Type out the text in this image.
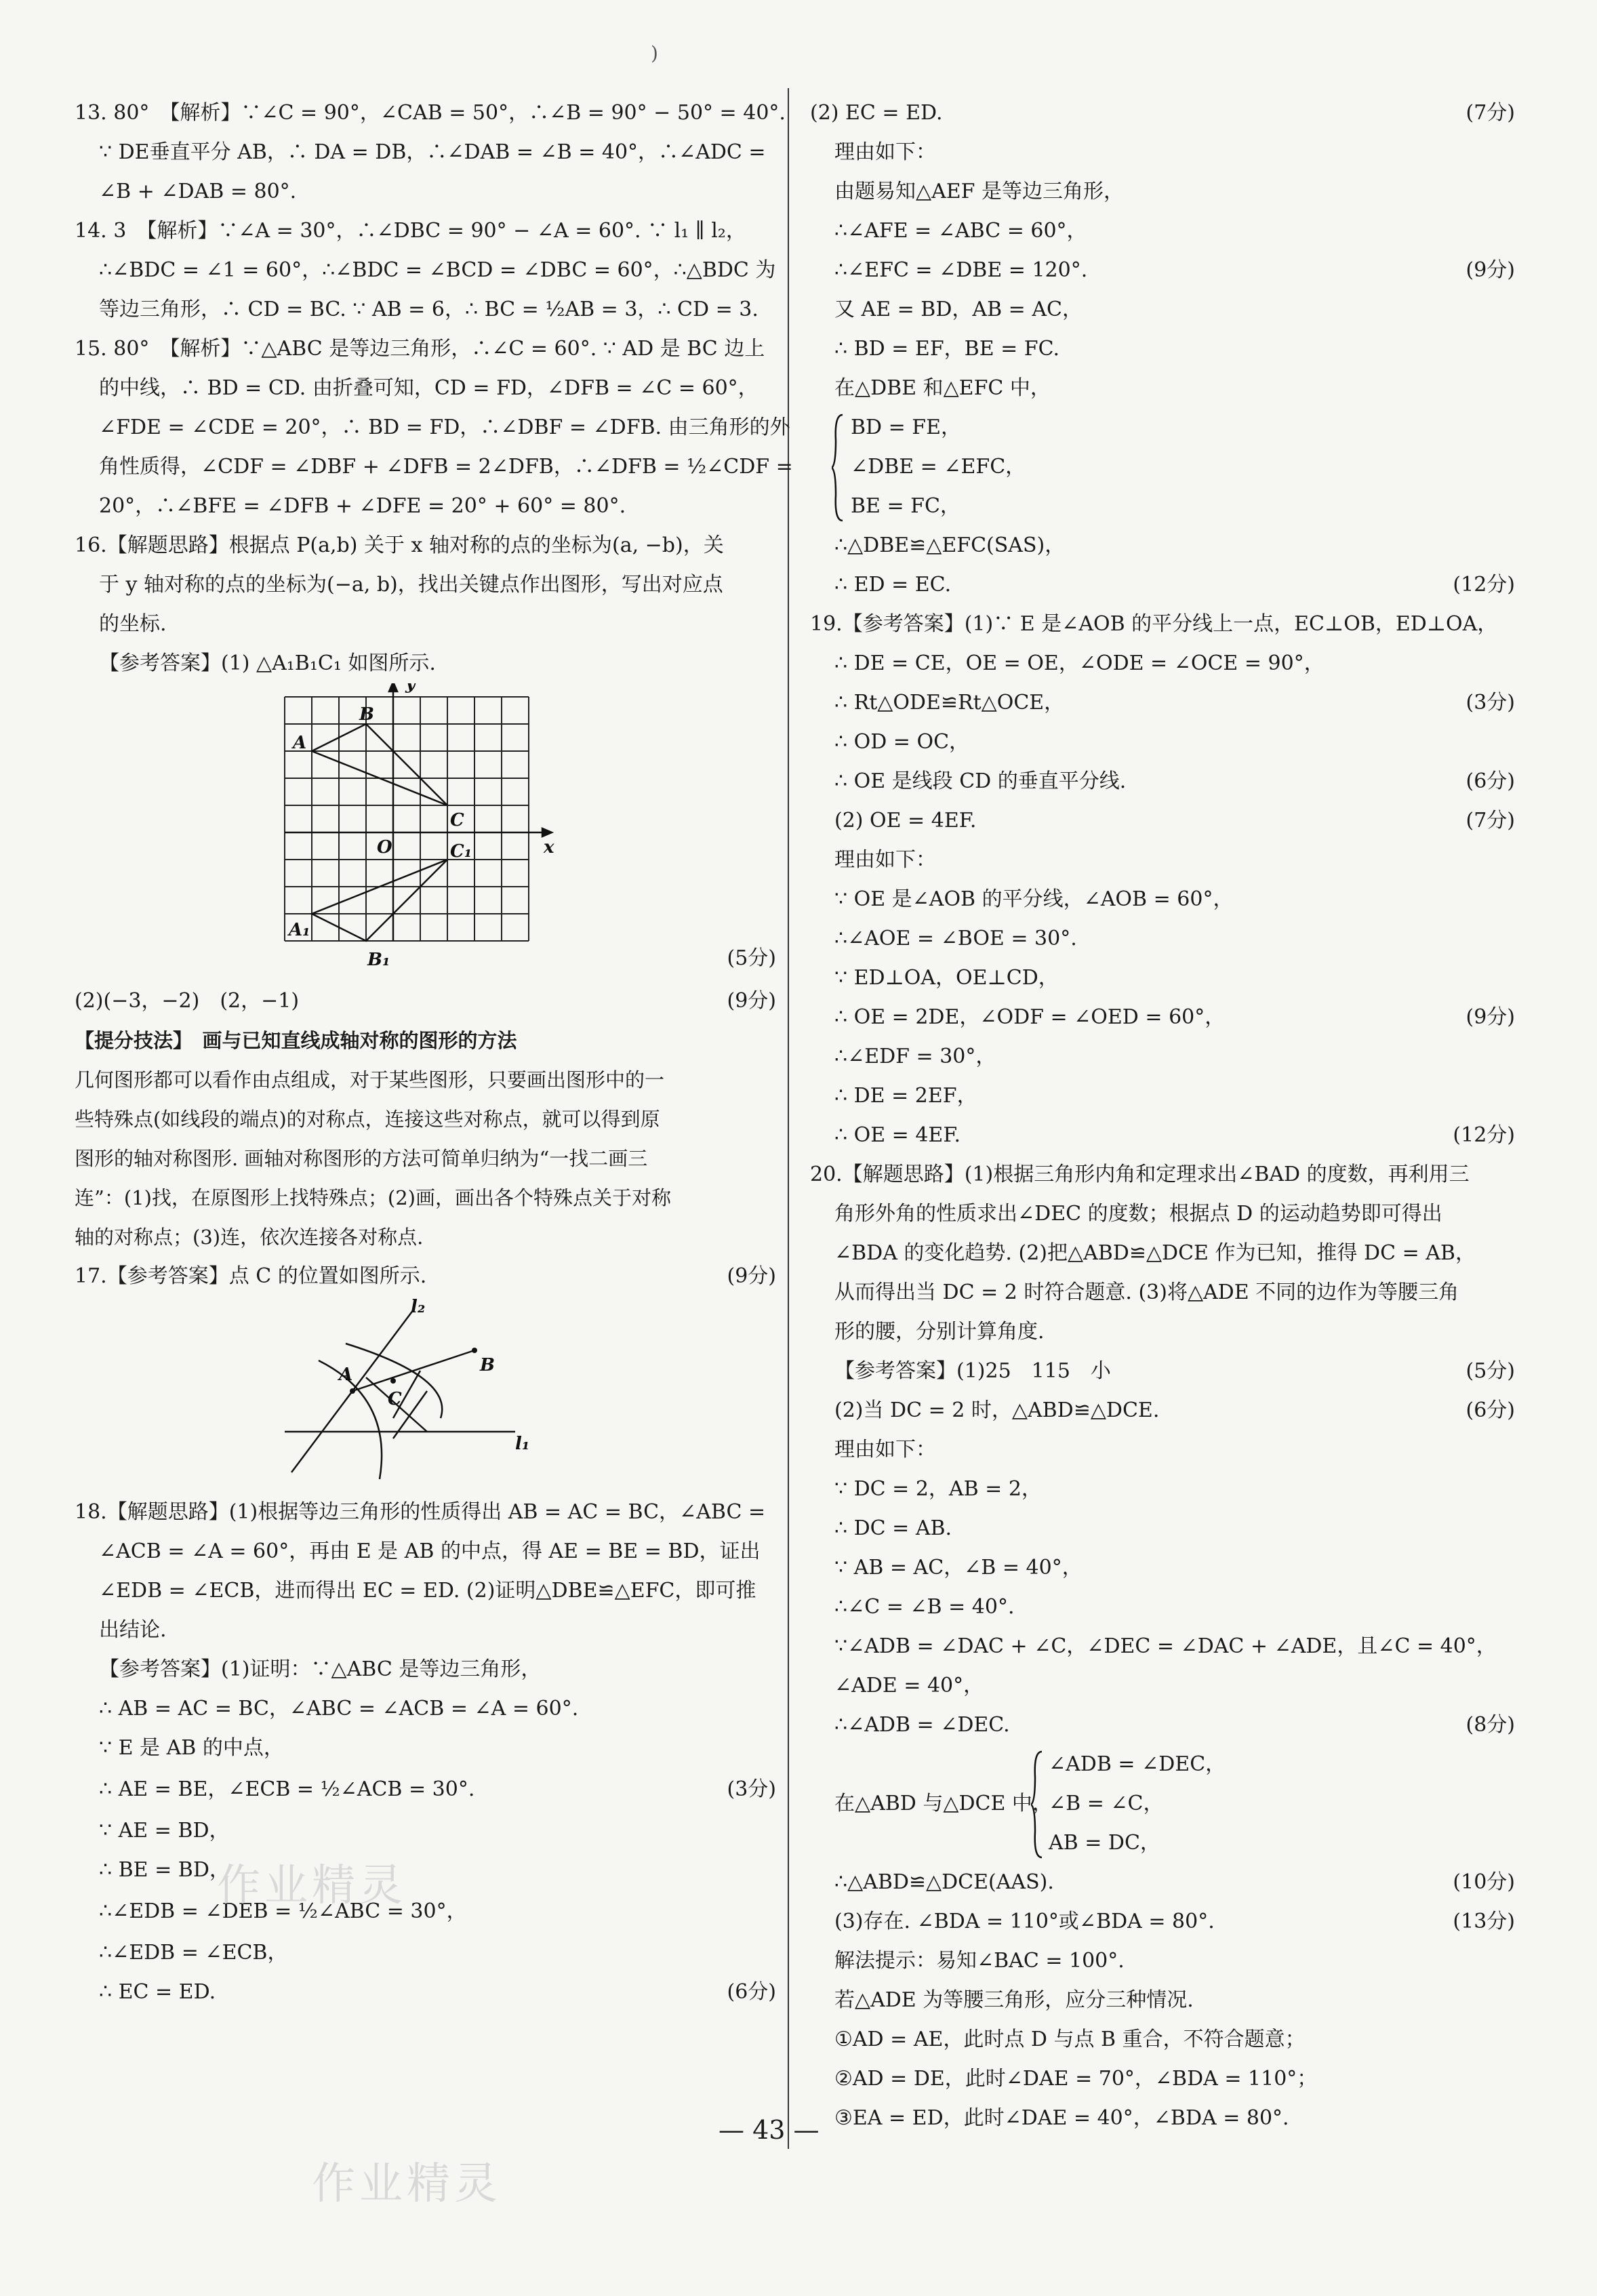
)
13. 80°　【解析】∵∠C = 90°，∠CAB = 50°，∴∠B = 90° − 50° = 40°.
∵ DE垂直平分 AB，∴ DA = DB，∴∠DAB = ∠B = 40°，∴∠ADC =
∠B + ∠DAB = 80°.
14. 3　【解析】∵∠A = 30°，∴∠DBC = 90° − ∠A = 60°. ∵ l₁ ∥ l₂，
∴∠BDC = ∠1 = 60°，∴∠BDC = ∠BCD = ∠DBC = 60°，∴△BDC 为
等边三角形，∴ CD = BC. ∵ AB = 6，∴ BC = ½AB = 3，∴ CD = 3.
15. 80°　【解析】∵△ABC 是等边三角形，∴∠C = 60°. ∵ AD 是 BC 边上
的中线，∴ BD = CD. 由折叠可知，CD = FD，∠DFB = ∠C = 60°，
∠FDE = ∠CDE = 20°，∴ BD = FD，∴∠DBF = ∠DFB. 由三角形的外
角性质得，∠CDF = ∠DBF + ∠DFB = 2∠DFB，∴∠DFB = ½∠CDF =
20°，∴∠BFE = ∠DFB + ∠DFE = 20° + 60° = 80°.
16.【解题思路】根据点 P(a,b) 关于 x 轴对称的点的坐标为(a, −b)，关
于 y 轴对称的点的坐标为(−a, b)，找出关键点作出图形，写出对应点
的坐标.
【参考答案】(1) △A₁B₁C₁ 如图所示.
y
x
O
A
B
C
C₁
A₁
B₁	(5分)
(2)(−3，−2)　(2，−1)	(9分)
【提分技法】　画与已知直线成轴对称的图形的方法
几何图形都可以看作由点组成，对于某些图形，只要画出图形中的一
些特殊点(如线段的端点)的对称点，连接这些对称点，就可以得到原
图形的轴对称图形. 画轴对称图形的方法可简单归纳为“一找二画三
连”：(1)找，在原图形上找特殊点；(2)画，画出各个特殊点关于对称
轴的对称点；(3)连，依次连接各对称点.
17.【参考答案】点 C 的位置如图所示.	(9分)
A	B
C
l₁
l₂
18.【解题思路】(1)根据等边三角形的性质得出 AB = AC = BC，∠ABC =
∠ACB = ∠A = 60°，再由 E 是 AB 的中点，得 AE = BE = BD，证出
∠EDB = ∠ECB，进而得出 EC = ED. (2)证明△DBE≌△EFC，即可推
出结论.
【参考答案】(1)证明：∵△ABC 是等边三角形，
∴ AB = AC = BC，∠ABC = ∠ACB = ∠A = 60°.
∵ E 是 AB 的中点，
∴ AE = BE，∠ECB = ½∠ACB = 30°.	(3分)
∵ AE = BD，
∴ BE = BD，
∴∠EDB = ∠DEB = ½∠ABC = 30°，
∴∠EDB = ∠ECB，
∴ EC = ED.	(6分)
(2) EC = ED.	(7分)
理由如下：
由题易知△AEF 是等边三角形，
∴∠AFE = ∠ABC = 60°，
∴∠EFC = ∠DBE = 120°.	(9分)
又 AE = BD，AB = AC，
∴ BD = EF，BE = FC.
在△DBE 和△EFC 中，
BD = FE，
∠DBE = ∠EFC，
BE = FC，
∴△DBE≌△EFC(SAS)，
∴ ED = EC.	(12分)
19.【参考答案】(1)∵ E 是∠AOB 的平分线上一点，EC⊥OB，ED⊥OA，
∴ DE = CE，OE = OE，∠ODE = ∠OCE = 90°，
∴ Rt△ODE≌Rt△OCE，	(3分)
∴ OD = OC，
∴ OE 是线段 CD 的垂直平分线.	(6分)
(2) OE = 4EF.	(7分)
理由如下：
∵ OE 是∠AOB 的平分线，∠AOB = 60°，
∴∠AOE = ∠BOE = 30°.
∵ ED⊥OA，OE⊥CD，
∴ OE = 2DE，∠ODF = ∠OED = 60°，	(9分)
∴∠EDF = 30°，
∴ DE = 2EF，
∴ OE = 4EF.	(12分)
20.【解题思路】(1)根据三角形内角和定理求出∠BAD 的度数，再利用三
角形外角的性质求出∠DEC 的度数；根据点 D 的运动趋势即可得出
∠BDA 的变化趋势. (2)把△ABD≌△DCE 作为已知，推得 DC = AB，
从而得出当 DC = 2 时符合题意. (3)将△ADE 不同的边作为等腰三角
形的腰，分别计算角度.
【参考答案】(1)25　115　小	(5分)
(2)当 DC = 2 时，△ABD≌△DCE.	(6分)
理由如下：
∵ DC = 2，AB = 2，
∴ DC = AB.
∵ AB = AC，∠B = 40°，
∴∠C = ∠B = 40°.
∵∠ADB = ∠DAC + ∠C，∠DEC = ∠DAC + ∠ADE，且∠C = 40°，
∠ADE = 40°，
∴∠ADB = ∠DEC.	(8分)
在△ABD 与△DCE 中，
∠ADB = ∠DEC，
∠B = ∠C，
AB = DC，
∴△ABD≌△DCE(AAS).	(10分)
(3)存在. ∠BDA = 110°或∠BDA = 80°.	(13分)
解法提示：易知∠BAC = 100°.
若△ADE 为等腰三角形，应分三种情况.
①AD = AE，此时点 D 与点 B 重合，不符合题意；
②AD = DE，此时∠DAE = 70°，∠BDA = 110°；
③EA = ED，此时∠DAE = 40°，∠BDA = 80°.
— 43 —
作业精灵
作业精灵
